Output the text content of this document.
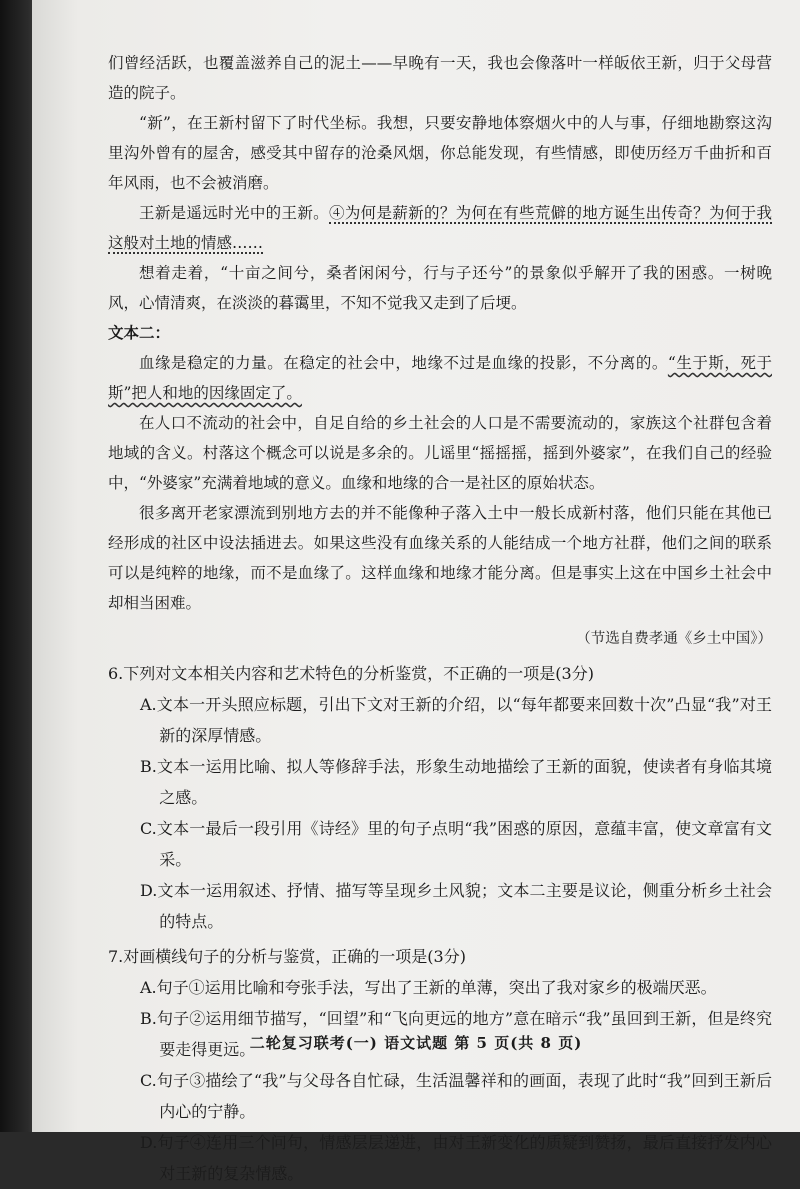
们曾经活跃，也覆盖滋养自己的泥土——早晚有一天，我也会像落叶一样皈依王新，归于父母营造的院子。

“新”，在王新村留下了时代坐标。我想，只要安静地体察烟火中的人与事，仔细地勘察这沟里沟外曾有的屋舍，感受其中留存的沧桑风烟，你总能发现，有些情感，即使历经万千曲折和百年风雨，也不会被消磨。

王新是遥远时光中的王新。④为何是薪新的？为何在有些荒僻的地方诞生出传奇？为何于我这般对土地的情感……

想着走着，“十亩之间兮，桑者闲闲兮，行与子还兮”的景象似乎解开了我的困惑。一树晚风，心情清爽，在淡淡的暮霭里，不知不觉我又走到了后埂。

文本二：

血缘是稳定的力量。在稳定的社会中，地缘不过是血缘的投影，不分离的。“生于斯，死于斯”把人和地的因缘固定了。

在人口不流动的社会中，自足自给的乡土社会的人口是不需要流动的，家族这个社群包含着地域的含义。村落这个概念可以说是多余的。儿谣里“摇摇摇，摇到外婆家”，在我们自己的经验中，“外婆家”充满着地域的意义。血缘和地缘的合一是社区的原始状态。

很多离开老家漂流到别地方去的并不能像种子落入土中一般长成新村落，他们只能在其他已经形成的社区中设法插进去。如果这些没有血缘关系的人能结成一个地方社群，他们之间的联系可以是纯粹的地缘，而不是血缘了。这样血缘和地缘才能分离。但是事实上这在中国乡土社会中却相当困难。

（节选自费孝通《乡土中国》）

6.下列对文本相关内容和艺术特色的分析鉴赏，不正确的一项是(3分)

A.文本一开头照应标题，引出下文对王新的介绍，以“每年都要来回数十次”凸显“我”对王新的深厚情感。

B.文本一运用比喻、拟人等修辞手法，形象生动地描绘了王新的面貌，使读者有身临其境之感。

C.文本一最后一段引用《诗经》里的句子点明“我”困惑的原因，意蕴丰富，使文章富有文采。

D.文本一运用叙述、抒情、描写等呈现乡土风貌；文本二主要是议论，侧重分析乡土社会的特点。

7.对画横线句子的分析与鉴赏，正确的一项是(3分)

A.句子①运用比喻和夸张手法，写出了王新的单薄，突出了我对家乡的极端厌恶。

B.句子②运用细节描写，“回望”和“飞向更远的地方”意在暗示“我”虽回到王新，但是终究要走得更远。

C.句子③描绘了“我”与父母各自忙碌，生活温馨祥和的画面，表现了此时“我”回到王新后内心的宁静。

D.句子④连用三个问句，情感层层递进，由对王新变化的质疑到赞扬，最后直接抒发内心对王新的复杂情感。

二轮复习联考(一) 语文试题 第 5 页(共 8 页)
